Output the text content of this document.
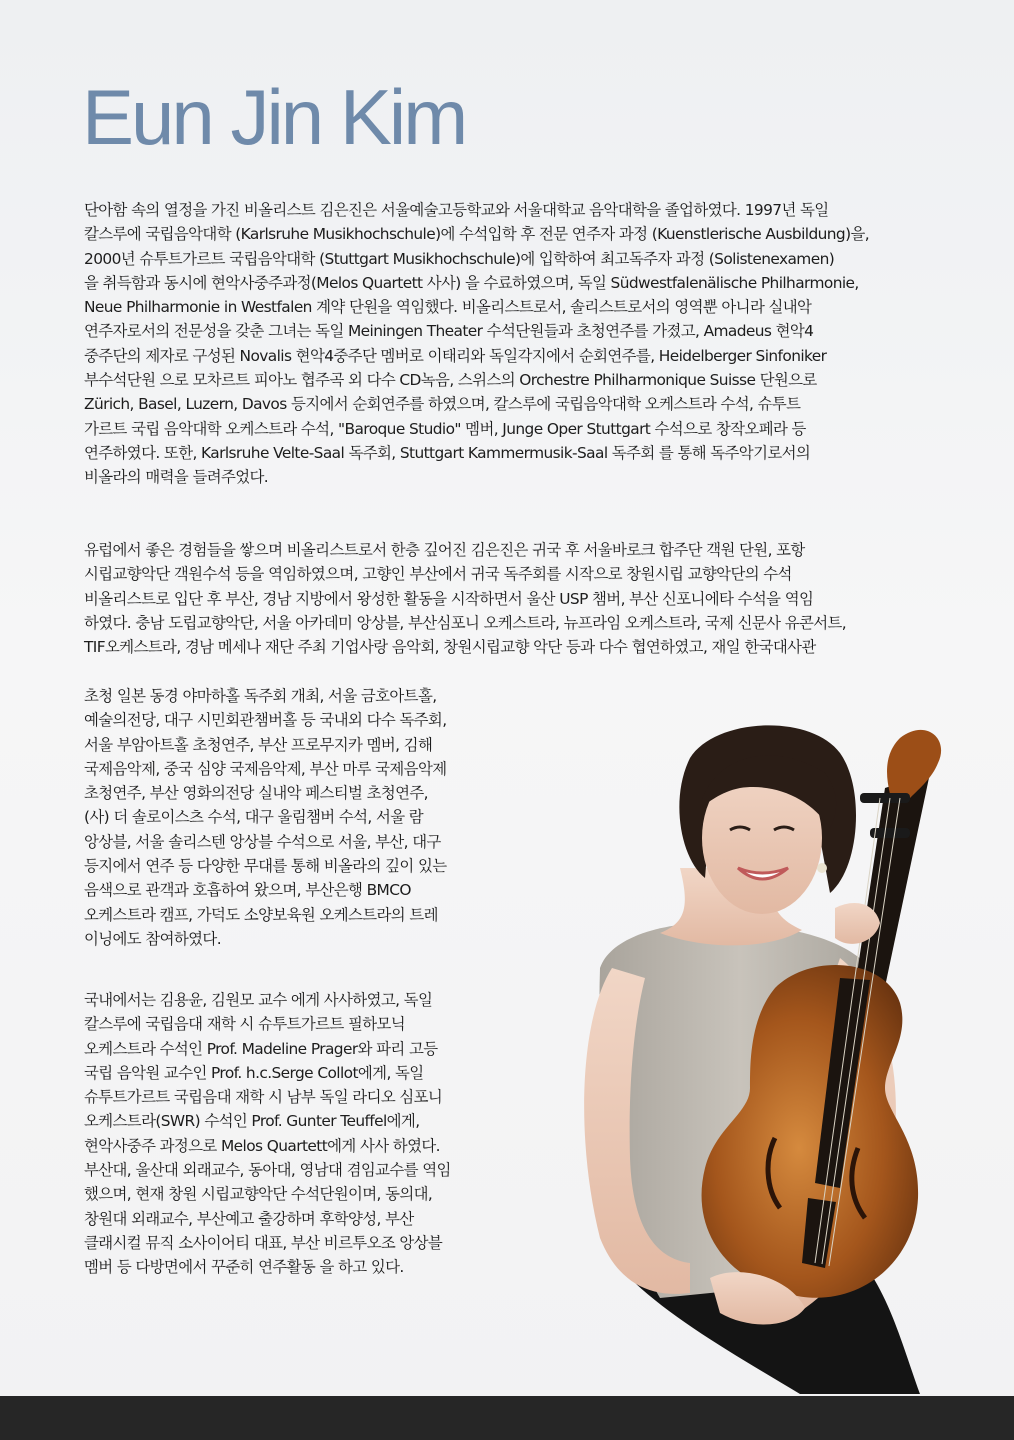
Eun Jin Kim
단아함 속의 열정을 가진 비올리스트 김은진은 서울예술고등학교와 서울대학교 음악대학을 졸업하였다. 1997년 독일
칼스루에 국립음악대학 (Karlsruhe Musikhochschule)에 수석입학 후 전문 연주자 과정 (Kuenstlerische Ausbildung)을,
2000년 슈투트가르트 국립음악대학 (Stuttgart Musikhochschule)에 입학하여 최고독주자 과정 (Solistenexamen)
을 취득함과 동시에 현악사중주과정(Melos Quartett 사사) 을 수료하였으며, 독일 Südwestfalenälische Philharmonie,
Neue Philharmonie in Westfalen 계약 단원을 역임했다. 비올리스트로서, 솔리스트로서의 영역뿐 아니라 실내악
연주자로서의 전문성을 갖춘 그녀는 독일 Meiningen Theater 수석단원들과 초청연주를 가졌고, Amadeus 현악4
중주단의 제자로 구성된 Novalis 현악4중주단 멤버로 이태리와 독일각지에서 순회연주를, Heidelberger Sinfoniker
부수석단원 으로 모차르트 피아노 협주곡 외 다수 CD녹음, 스위스의 Orchestre Philharmonique Suisse 단원으로
Zürich, Basel, Luzern, Davos 등지에서 순회연주를 하였으며, 칼스루에 국립음악대학 오케스트라 수석, 슈투트
가르트 국립 음악대학 오케스트라 수석, "Baroque Studio" 멤버, Junge Oper Stuttgart 수석으로 창작오페라 등
연주하였다. 또한, Karlsruhe Velte-Saal 독주회, Stuttgart Kammermusik-Saal 독주회 를 통해 독주악기로서의
비올라의 매력을 들려주었다.
유럽에서 좋은 경험들을 쌓으며 비올리스트로서 한층 깊어진 김은진은 귀국 후 서울바로크 합주단 객원 단원, 포항
시립교향악단 객원수석 등을 역임하였으며, 고향인 부산에서 귀국 독주회를 시작으로 창원시립 교향악단의 수석
비올리스트로 입단 후 부산, 경남 지방에서 왕성한 활동을 시작하면서 울산 USP 챔버, 부산 신포니에타 수석을 역임
하였다. 충남 도립교향악단, 서울 아카데미 앙상블, 부산심포니 오케스트라, 뉴프라임 오케스트라, 국제 신문사 유콘서트,
TIF오케스트라, 경남 메세나 재단 주최 기업사랑 음악회, 창원시립교향 악단 등과 다수 협연하였고, 재일 한국대사관
초청 일본 동경 야마하홀 독주회 개최, 서울 금호아트홀,
예술의전당, 대구 시민회관챔버홀 등 국내외 다수 독주회,
서울 부암아트홀 초청연주, 부산 프로무지카 멤버, 김해
국제음악제, 중국 심양 국제음악제, 부산 마루 국제음악제
초청연주, 부산 영화의전당 실내악 페스티벌 초청연주,
(사) 더 솔로이스츠 수석, 대구 울림챔버 수석, 서울 람
앙상블, 서울 솔리스텐 앙상블 수석으로 서울, 부산, 대구
등지에서 연주 등 다양한 무대를 통해 비올라의 깊이 있는
음색으로 관객과 호흡하여 왔으며, 부산은행 BMCO
오케스트라 캠프, 가덕도 소양보육원 오케스트라의 트레
이닝에도 참여하였다.
국내에서는 김용윤, 김원모 교수 에게 사사하였고, 독일
칼스루에 국립음대 재학 시 슈투트가르트 필하모닉
오케스트라 수석인 Prof. Madeline Prager와 파리 고등
국립 음악원 교수인 Prof. h.c.Serge Collot에게, 독일
슈투트가르트 국립음대 재학 시 남부 독일 라디오 심포니
오케스트라(SWR) 수석인 Prof. Gunter Teuffel에게,
현악사중주 과정으로 Melos Quartett에게 사사 하였다.
부산대, 울산대 외래교수, 동아대, 영남대 겸임교수를 역임
했으며, 현재 창원 시립교향악단 수석단원이며, 동의대,
창원대 외래교수, 부산예고 출강하며 후학양성, 부산
클래시컬 뮤직 소사이어티 대표, 부산 비르투오조 앙상블
멤버 등 다방면에서 꾸준히 연주활동 을 하고 있다.
